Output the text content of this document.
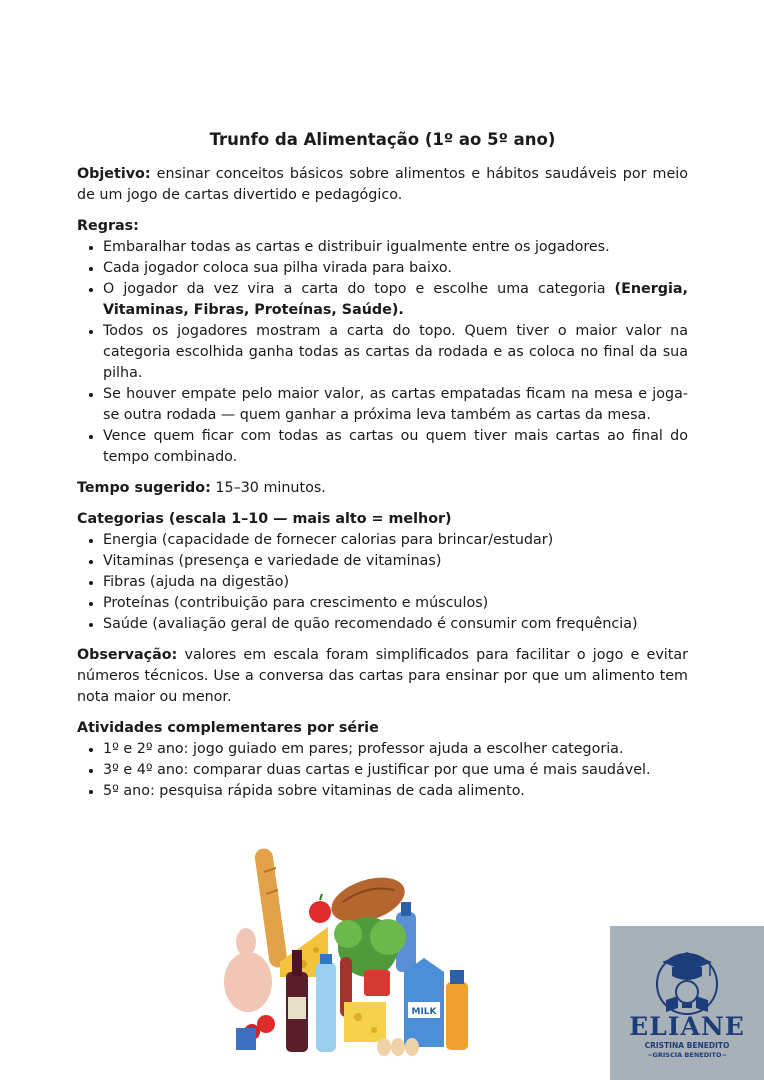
Trunfo da Alimentação (1º ao 5º ano)

Objetivo: ensinar conceitos básicos sobre alimentos e hábitos saudáveis por meio de um jogo de cartas divertido e pedagógico.

Regras:

• Embaralhar todas as cartas e distribuir igualmente entre os jogadores.
• Cada jogador coloca sua pilha virada para baixo.
• O jogador da vez vira a carta do topo e escolhe uma categoria (Energia, Vitaminas, Fibras, Proteínas, Saúde).
• Todos os jogadores mostram a carta do topo. Quem tiver o maior valor na categoria escolhida ganha todas as cartas da rodada e as coloca no final da sua pilha.
• Se houver empate pelo maior valor, as cartas empatadas ficam na mesa e joga-se outra rodada — quem ganhar a próxima leva também as cartas da mesa.
• Vence quem ficar com todas as cartas ou quem tiver mais cartas ao final do tempo combinado.

Tempo sugerido: 15–30 minutos.

Categorias (escala 1–10 — mais alto = melhor)

• Energia (capacidade de fornecer calorias para brincar/estudar)
• Vitaminas (presença e variedade de vitaminas)
• Fibras (ajuda na digestão)
• Proteínas (contribuição para crescimento e músculos)
• Saúde (avaliação geral de quão recomendado é consumir com frequência)

Observação: valores em escala foram simplificados para facilitar o jogo e evitar números técnicos. Use a conversa das cartas para ensinar por que um alimento tem nota maior ou menor.

Atividades complementares por série

• 1º e 2º ano: jogo guiado em pares; professor ajuda a escolher categoria.
• 3º e 4º ano: comparar duas cartas e justificar por que uma é mais saudável.
• 5º ano: pesquisa rápida sobre vitaminas de cada alimento.
MILK	ELIANE
CRISTINA BENEDITO
~GRISCIA BENEDITO~
